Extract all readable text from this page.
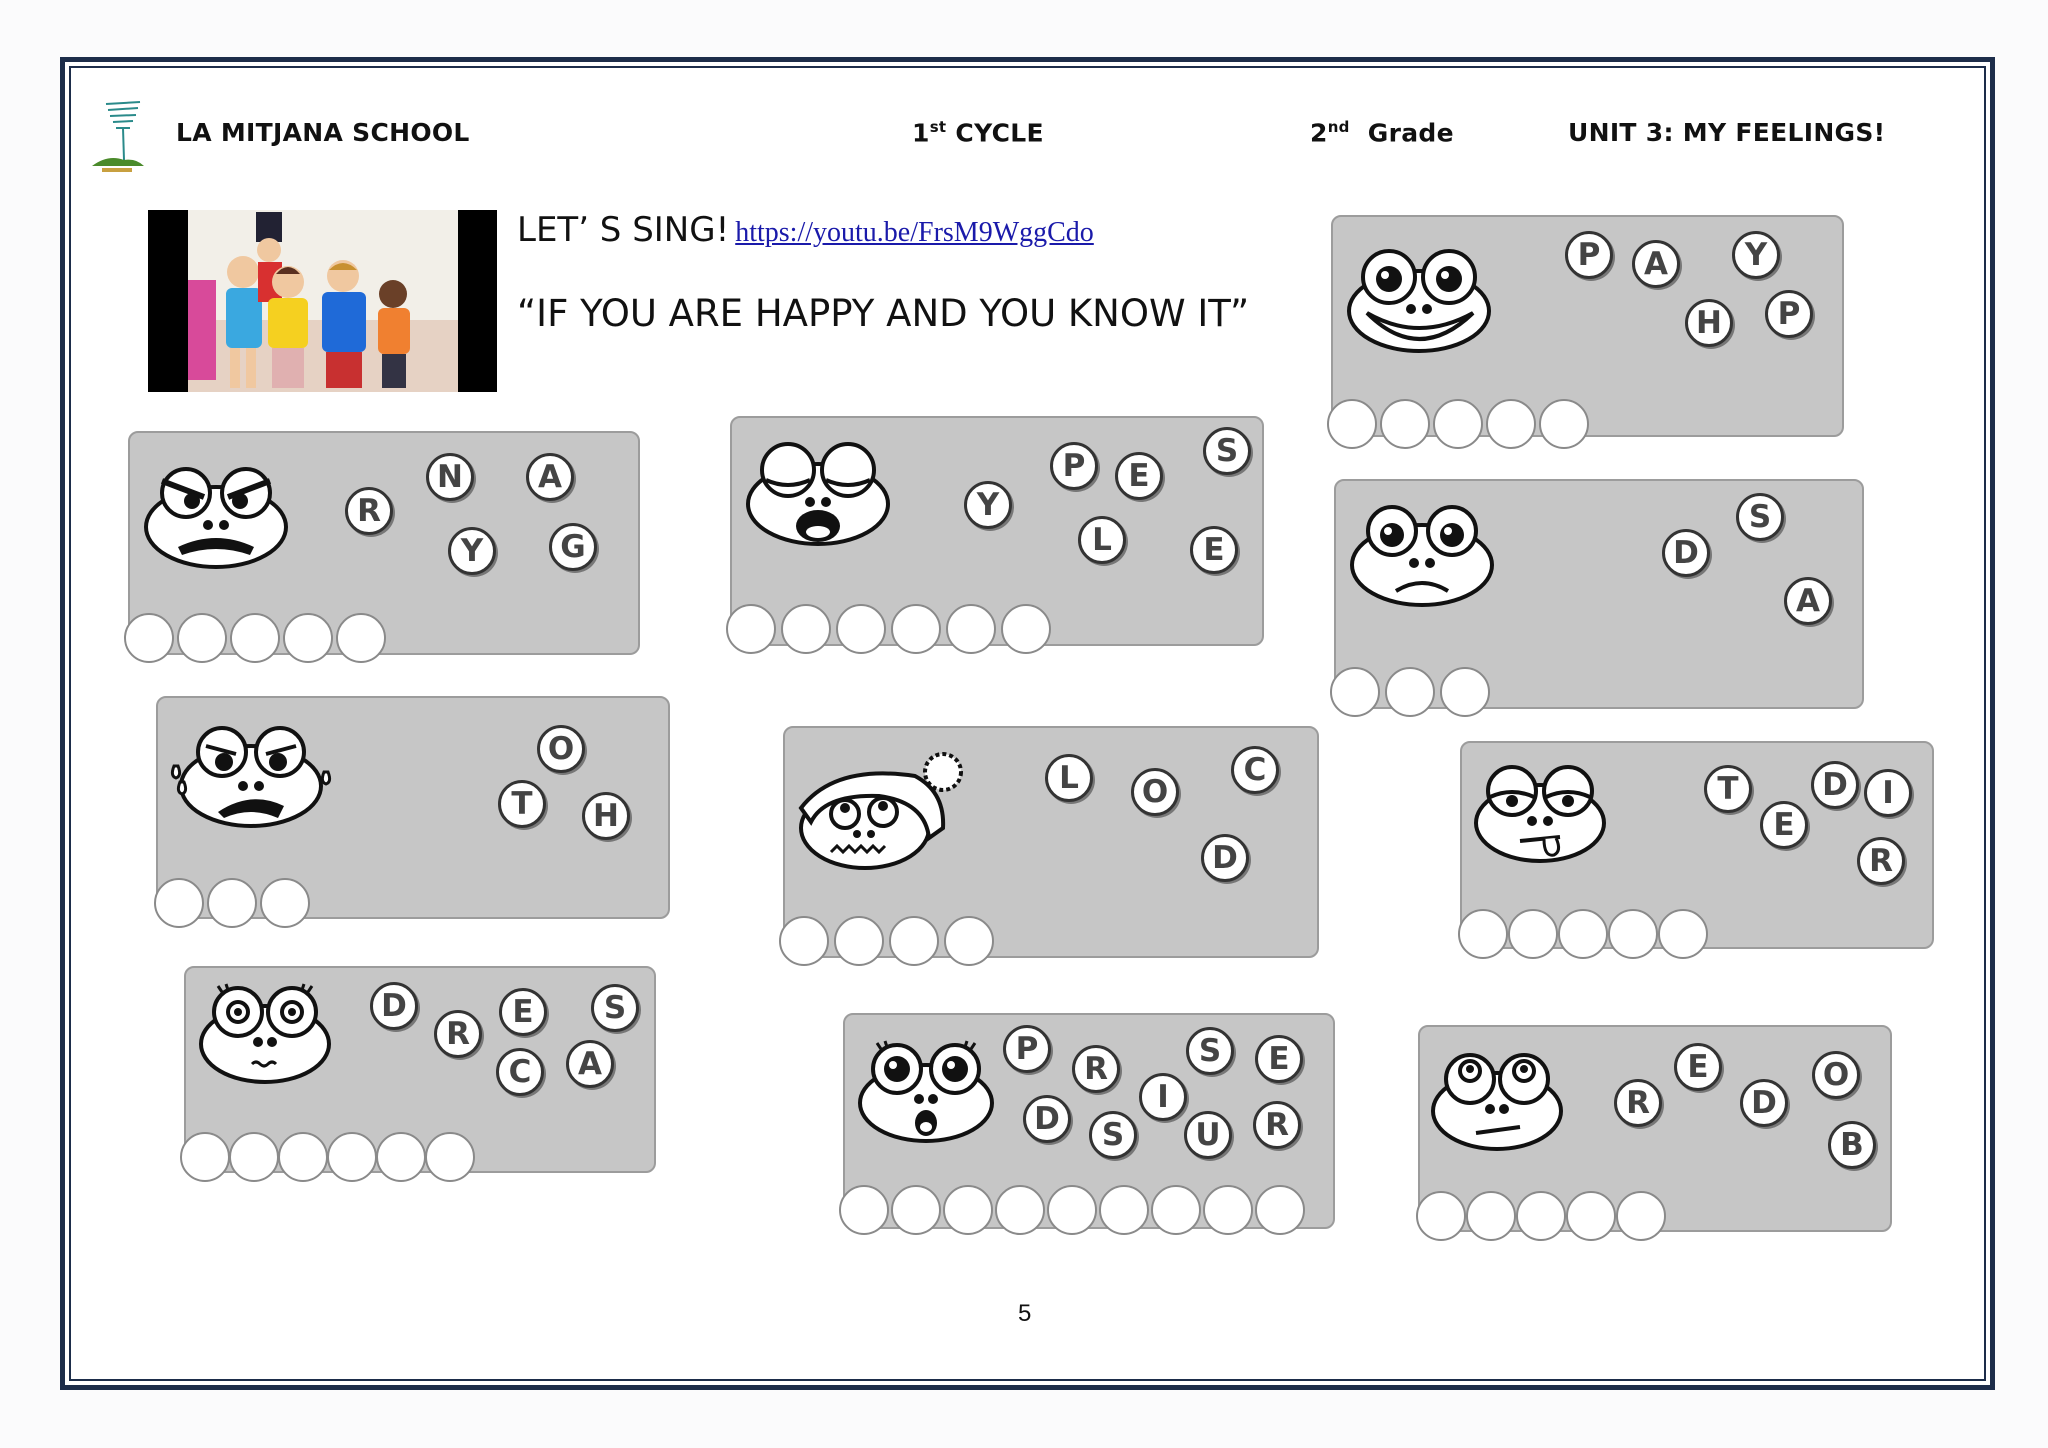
LA MITJANA SCHOOL	1st CYCLE	2nd Grade	UNIT 3: MY FEELINGS!
LET’ S SING! https://youtu.be/FrsM9WggCdo
“IF YOU ARE HAPPY AND YOU KNOW IT”
P	A	Y
H	P
R
N	A
Y	G
Y
P	E
S
L	E	D
S
A
O
T	H
L	O
C
D
T
E
D	I
R
D
R
E	S
C	A	P
R	S	E
I
D	S	U	R
R
E
D
O
B
5
